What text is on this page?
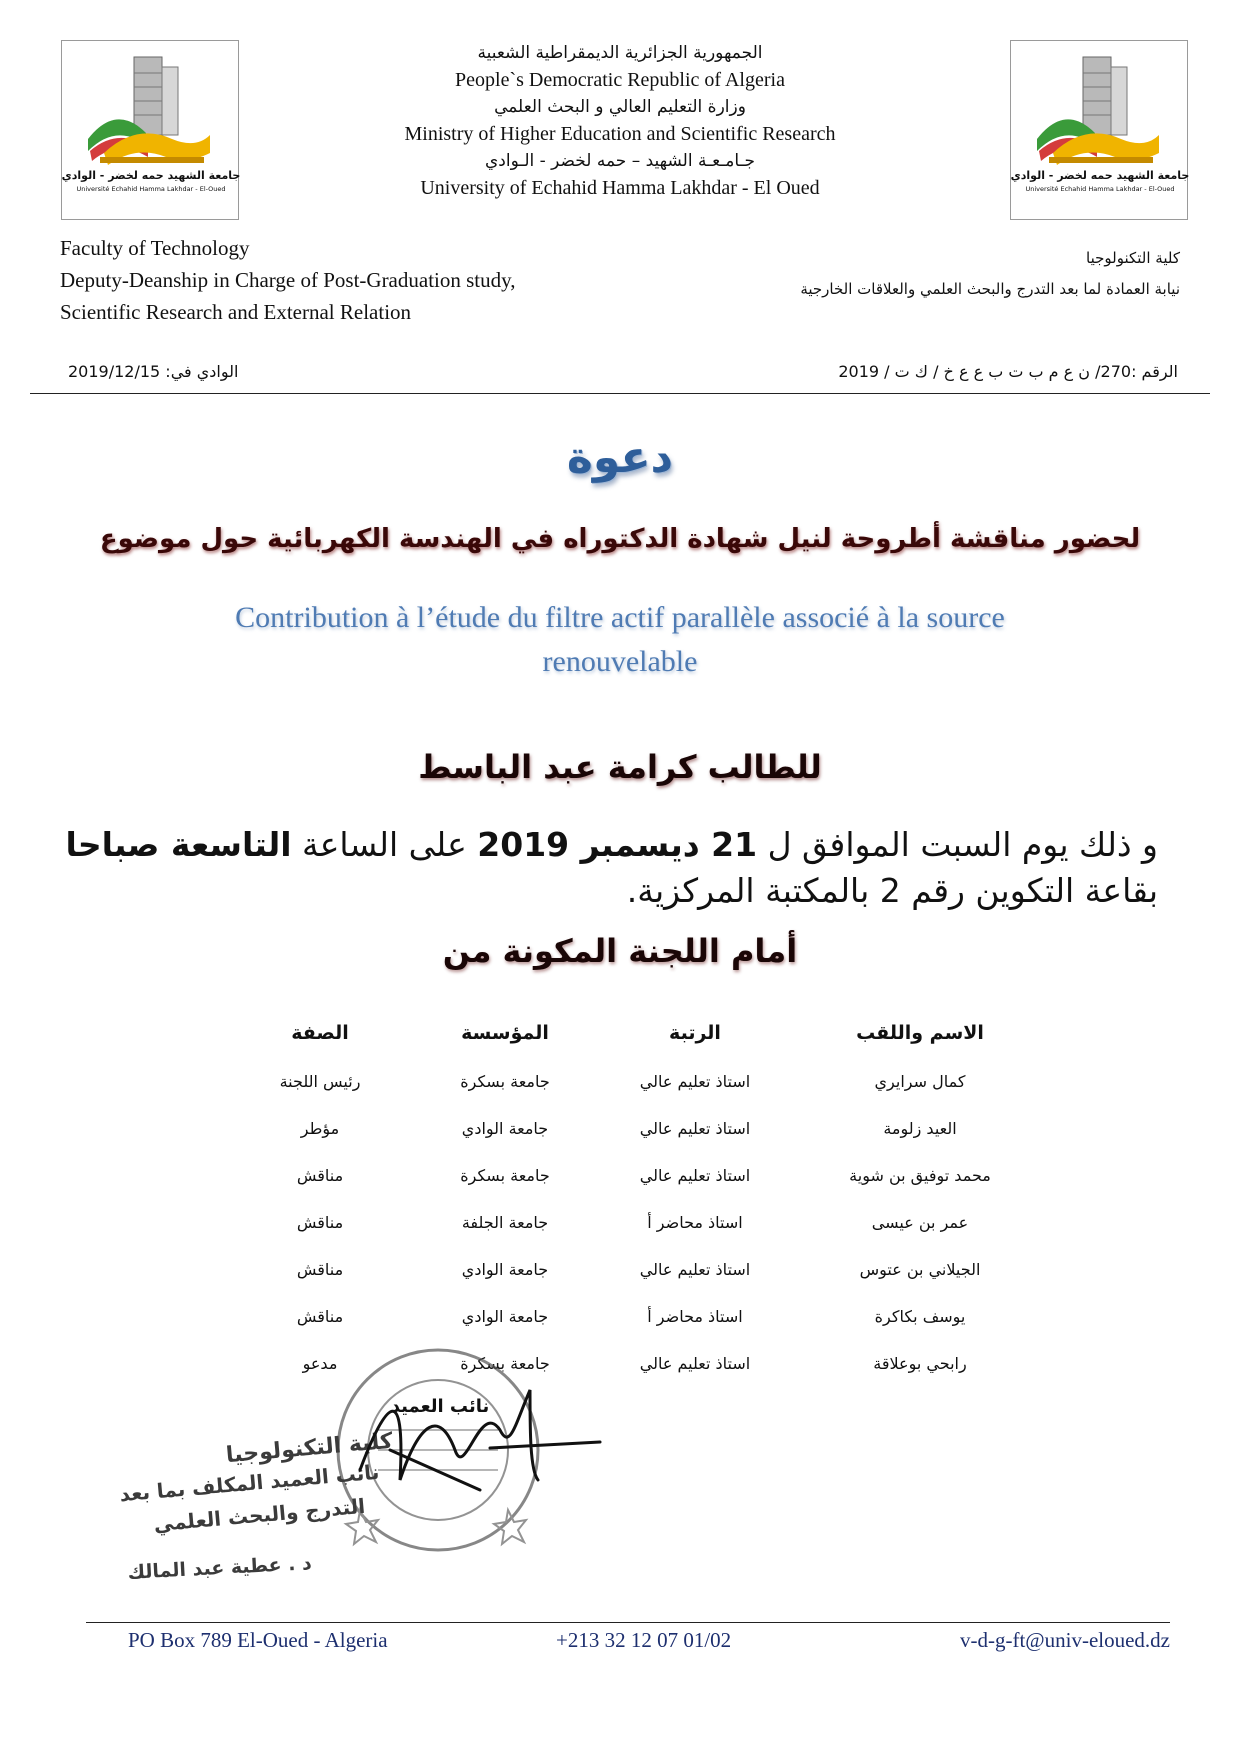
جامعة الشهيد حمه لخضر - الوادي
Université Echahid Hamma Lakhdar - El-Oued
جامعة الشهيد حمه لخضر - الوادي
Université Echahid Hamma Lakhdar - El-Oued
الجمهورية الجزائرية الديمقراطية الشعبية
People`s Democratic Republic of Algeria
وزارة التعليم العالي و البحث العلمي
Ministry of Higher Education and Scientific Research
جـامـعـة الشهيد – حمه لخضر - الـوادي
University of Echahid Hamma Lakhdar - El Oued
Faculty of Technology
Deputy-Deanship in Charge of Post-Graduation study,
Scientific Research and External Relation
كلية التكنولوجيا
نيابة العمادة لما بعد التدرج والبحث العلمي والعلاقات الخارجية
الرقم :270/ ن ع م ب ت ب ع ع خ / ك ت / 2019
الوادي في: 2019/12/15
دعوة
لحضور مناقشة أطروحة لنيل شهادة الدكتوراه في الهندسة الكهربائية حول موضوع
Contribution à l’étude du filtre actif parallèle associé à la source
renouvelable
للطالب كرامة عبد الباسط
و ذلك يوم السبت الموافق ل 21 ديسمبر 2019 على الساعة التاسعة صباحا بقاعة التكوين رقم 2 بالمكتبة المركزية.
أمام اللجنة المكونة من
الاسم واللقب
الرتبة
المؤسسة
الصفة
كمال سرايري
استاذ تعليم عالي
جامعة بسكرة
رئيس اللجنة
العيد زلومة
استاذ تعليم عالي
جامعة الوادي
مؤطر
محمد توفيق بن شوية
استاذ تعليم عالي
جامعة بسكرة
مناقش
عمر بن عيسى
استاذ محاضر أ
جامعة الجلفة
مناقش
الجيلاني بن عتوس
استاذ تعليم عالي
جامعة الوادي
مناقش
يوسف بكاكرة
استاذ محاضر أ
جامعة الوادي
مناقش
رابحي بوعلاقة
استاذ تعليم عالي
جامعة بسكرة
مدعو
نائب العميد
كلية التكنولوجيا
نائب العميد المكلف بما بعد
التدرج والبحث العلمي
د . عطية عبد المالك
PO Box 789 El-Oued - Algeria	+213 32 12 07 01/02	v-d-g-ft@univ-eloued.dz
